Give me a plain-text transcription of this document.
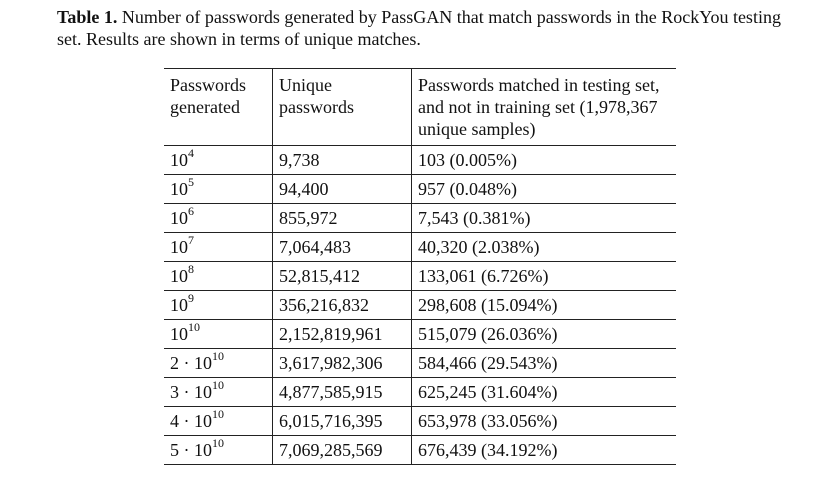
Table 1. Number of passwords generated by PassGAN that match passwords in the RockYou testing set. Results are shown in terms of unique matches.
Passwords generated	Unique passwords	Passwords matched in testing set, and not in training set (1,978,367 unique samples)
$10^4$	9,738	103 (0.005%)
$10^5$	94,400	957 (0.048%)
$10^6$	855,972	7,543 (0.381%)
$10^7$	7,064,483	40,320 (2.038%)
$10^8$	52,815,412	133,061 (6.726%)
$10^9$	356,216,832	298,608 (15.094%)
$10^{10}$	2,152,819,961	515,079 (26.036%)
$2 \cdot 10^{10}$	3,617,982,306	584,466 (29.543%)
$3 \cdot 10^{10}$	4,877,585,915	625,245 (31.604%)
$4 \cdot 10^{10}$	6,015,716,395	653,978 (33.056%)
$5 \cdot 10^{10}$	7,069,285,569	676,439 (34.192%)
